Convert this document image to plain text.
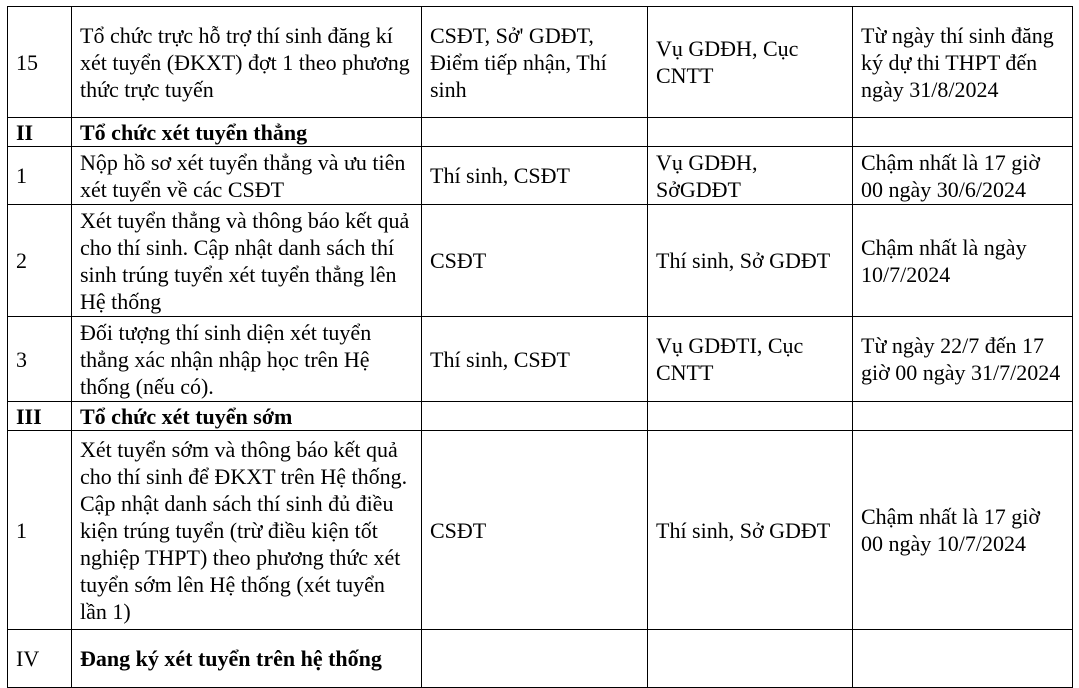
15	Tổ chức trực hỗ trợ thí sinh đăng kí xét tuyển (ĐKXT) đợt 1 theo phương thức trực tuyến	CSĐT, Sở' GDĐT, Điểm tiếp nhận, Thí sinh	Vụ GDĐH, Cục CNTT	Từ ngày thí sinh đăng ký dự thi THPT đến ngày 31/8/2024
II	Tổ chức xét tuyển thẳng			
1	Nộp hồ sơ xét tuyển thẳng và ưu tiên xét tuyển về các CSĐT	Thí sinh, CSĐT	Vụ GDĐH, SởGDĐT	Chậm nhất là 17 giờ 00 ngày 30/6/2024
2	Xét tuyển thẳng và thông báo kết quả cho thí sinh. Cập nhật danh sách thí sinh trúng tuyển xét tuyển thẳng lên Hệ thống	CSĐT	Thí sinh, Sở GDĐT	Chậm nhất là ngày 10/7/2024
3	Đối tượng thí sinh diện xét tuyển thẳng xác nhận nhập học trên Hệ thống (nếu có).	Thí sinh, CSĐT	Vụ GDĐTI, Cục CNTT	Từ ngày 22/7 đến 17 giờ 00 ngày 31/7/2024
III	Tổ chức xét tuyển sớm			
1	Xét tuyển sớm và thông báo kết quả cho thí sinh để ĐKXT trên Hệ thống. Cập nhật danh sách thí sinh đủ điều kiện trúng tuyển (trừ điều kiện tốt nghiệp THPT) theo phương thức xét tuyển sớm lên Hệ thống (xét tuyển lần 1)	CSĐT	Thí sinh, Sở GDĐT	Chậm nhất là 17 giờ 00 ngày 10/7/2024
IV	Đang ký xét tuyển trên hệ thống			
